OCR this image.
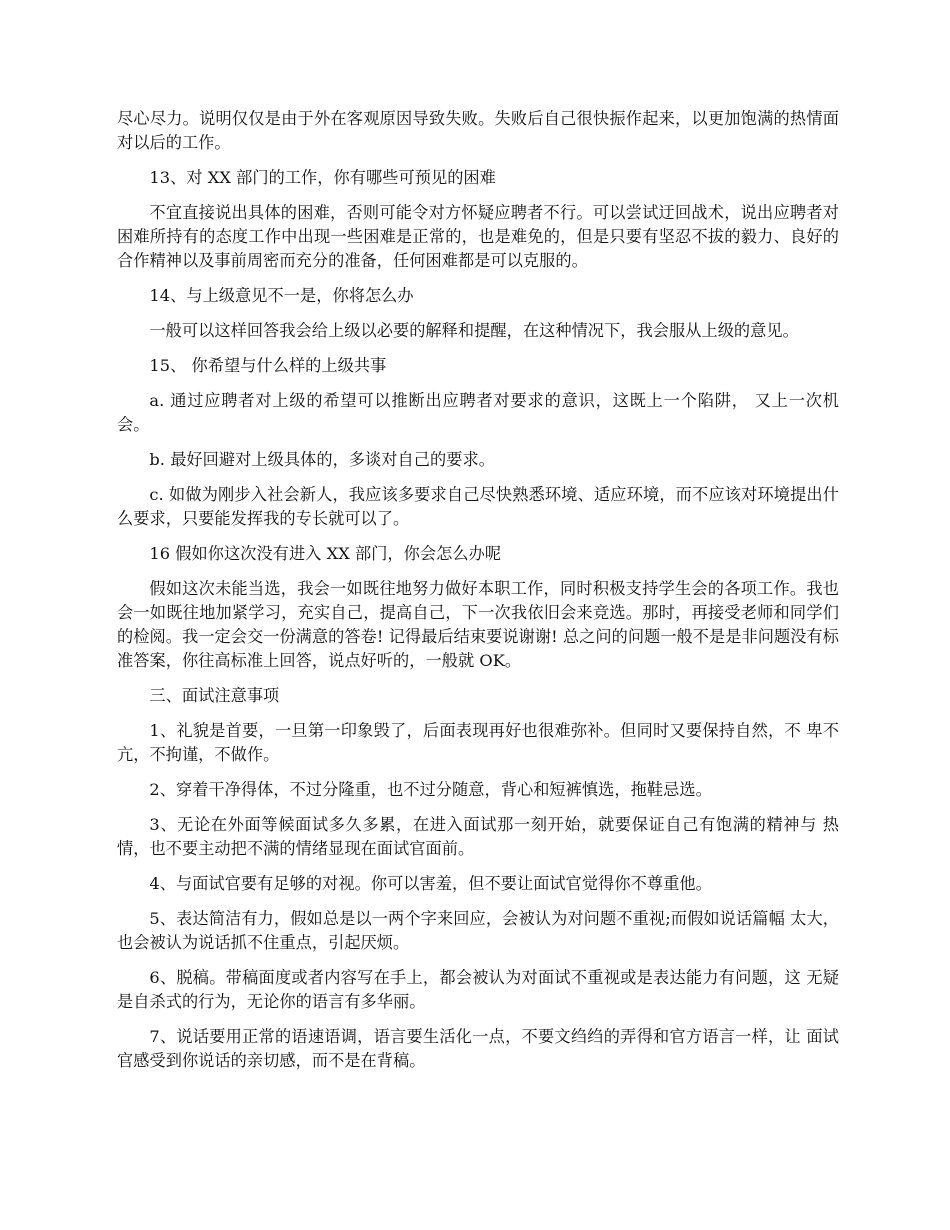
尽心尽力。说明仅仅是由于外在客观原因导致失败。失败后自己很快振作起来，以更加饱满的热情面对以后的工作。

13、对 XX 部门的工作，你有哪些可预见的困难

不宜直接说出具体的困难，否则可能令对方怀疑应聘者不行。可以尝试迂回战术，说出应聘者对困难所持有的态度工作中出现一些困难是正常的，也是难免的，但是只要有坚忍不拔的毅力、良好的合作精神以及事前周密而充分的准备，任何困难都是可以克服的。

14、与上级意见不一是，你将怎么办

一般可以这样回答我会给上级以必要的解释和提醒，在这种情况下，我会服从上级的意见。

15、 你希望与什么样的上级共事

a. 通过应聘者对上级的希望可以推断出应聘者对要求的意识，这既上一个陷阱， 又上一次机会。

b. 最好回避对上级具体的，多谈对自己的要求。

c. 如做为刚步入社会新人，我应该多要求自己尽快熟悉环境、适应环境，而不应该对环境提出什么要求，只要能发挥我的专长就可以了。

16 假如你这次没有进入 XX 部门，你会怎么办呢

假如这次未能当选，我会一如既往地努力做好本职工作，同时积极支持学生会的各项工作。我也会一如既往地加紧学习，充实自己，提高自己，下一次我依旧会来竞选。那时，再接受老师和同学们的检阅。我一定会交一份满意的答卷! 记得最后结束要说谢谢! 总之问的问题一般不是是非问题没有标准答案，你往高标准上回答，说点好听的，一般就 OK。

三、面试注意事项

1、礼貌是首要，一旦第一印象毁了，后面表现再好也很难弥补。但同时又要保持自然，不 卑不亢，不拘谨，不做作。

2、穿着干净得体，不过分隆重，也不过分随意，背心和短裤慎选，拖鞋忌选。

3、无论在外面等候面试多久多累，在进入面试那一刻开始，就要保证自己有饱满的精神与 热情，也不要主动把不满的情绪显现在面试官面前。

4、与面试官要有足够的对视。你可以害羞，但不要让面试官觉得你不尊重他。

5、表达简洁有力，假如总是以一两个字来回应，会被认为对问题不重视;而假如说话篇幅 太大，也会被认为说话抓不住重点，引起厌烦。

6、脱稿。带稿面度或者内容写在手上，都会被认为对面试不重视或是表达能力有问题，这 无疑是自杀式的行为，无论你的语言有多华丽。

7、说话要用正常的语速语调，语言要生活化一点，不要文绉绉的弄得和官方语言一样，让 面试官感受到你说话的亲切感，而不是在背稿。
